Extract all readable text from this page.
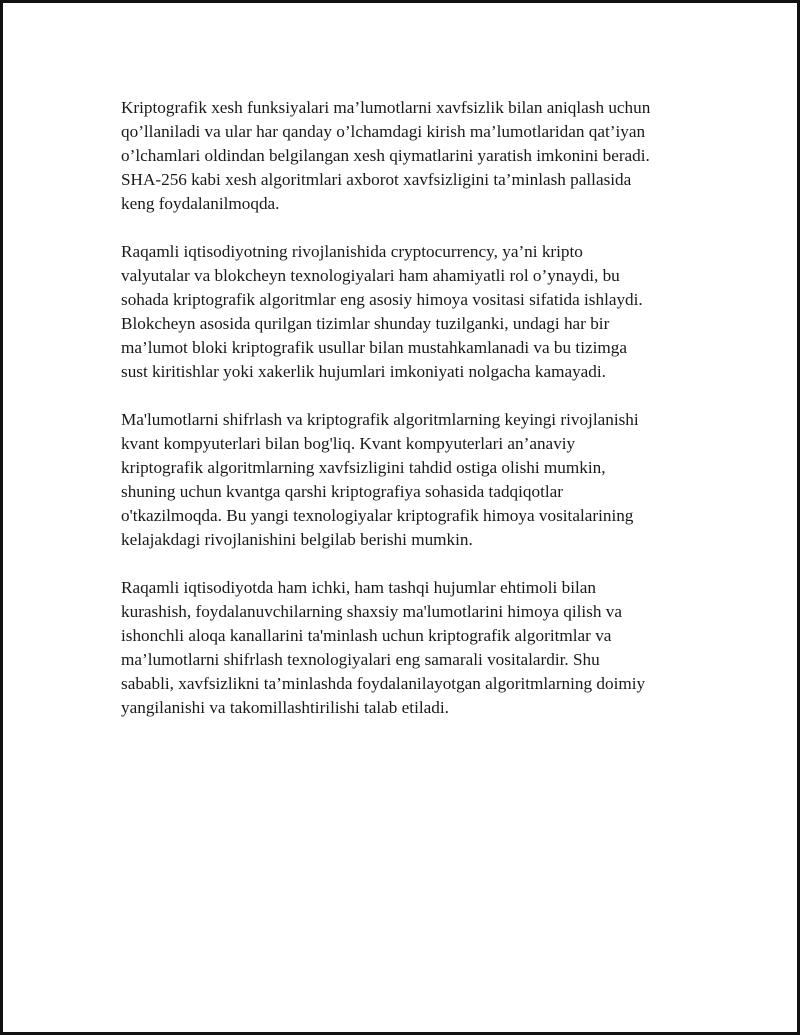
Kriptografik xesh funksiyalari ma’lumotlarni xavfsizlik bilan aniqlash uchun
qo’llaniladi va ular har qanday o’lchamdagi kirish ma’lumotlaridan qat’iyan
o’lchamlari oldindan belgilangan xesh qiymatlarini yaratish imkonini beradi.
SHA-256 kabi xesh algoritmlari axborot xavfsizligini ta’minlash pallasida
keng foydalanilmoqda.

Raqamli iqtisodiyotning rivojlanishida cryptocurrency, ya’ni kripto
valyutalar va blokcheyn texnologiyalari ham ahamiyatli rol o’ynaydi, bu
sohada kriptografik algoritmlar eng asosiy himoya vositasi sifatida ishlaydi.
Blokcheyn asosida qurilgan tizimlar shunday tuzilganki, undagi har bir
ma’lumot bloki kriptografik usullar bilan mustahkamlanadi va bu tizimga
sust kiritishlar yoki xakerlik hujumlari imkoniyati nolgacha kamayadi.

Ma'lumotlarni shifrlash va kriptografik algoritmlarning keyingi rivojlanishi
kvant kompyuterlari bilan bog'liq. Kvant kompyuterlari an’anaviy
kriptografik algoritmlarning xavfsizligini tahdid ostiga olishi mumkin,
shuning uchun kvantga qarshi kriptografiya sohasida tadqiqotlar
o'tkazilmoqda. Bu yangi texnologiyalar kriptografik himoya vositalarining
kelajakdagi rivojlanishini belgilab berishi mumkin.

Raqamli iqtisodiyotda ham ichki, ham tashqi hujumlar ehtimoli bilan
kurashish, foydalanuvchilarning shaxsiy ma'lumotlarini himoya qilish va
ishonchli aloqa kanallarini ta'minlash uchun kriptografik algoritmlar va
ma’lumotlarni shifrlash texnologiyalari eng samarali vositalardir. Shu
sababli, xavfsizlikni ta’minlashda foydalanilayotgan algoritmlarning doimiy
yangilanishi va takomillashtirilishi talab etiladi.
